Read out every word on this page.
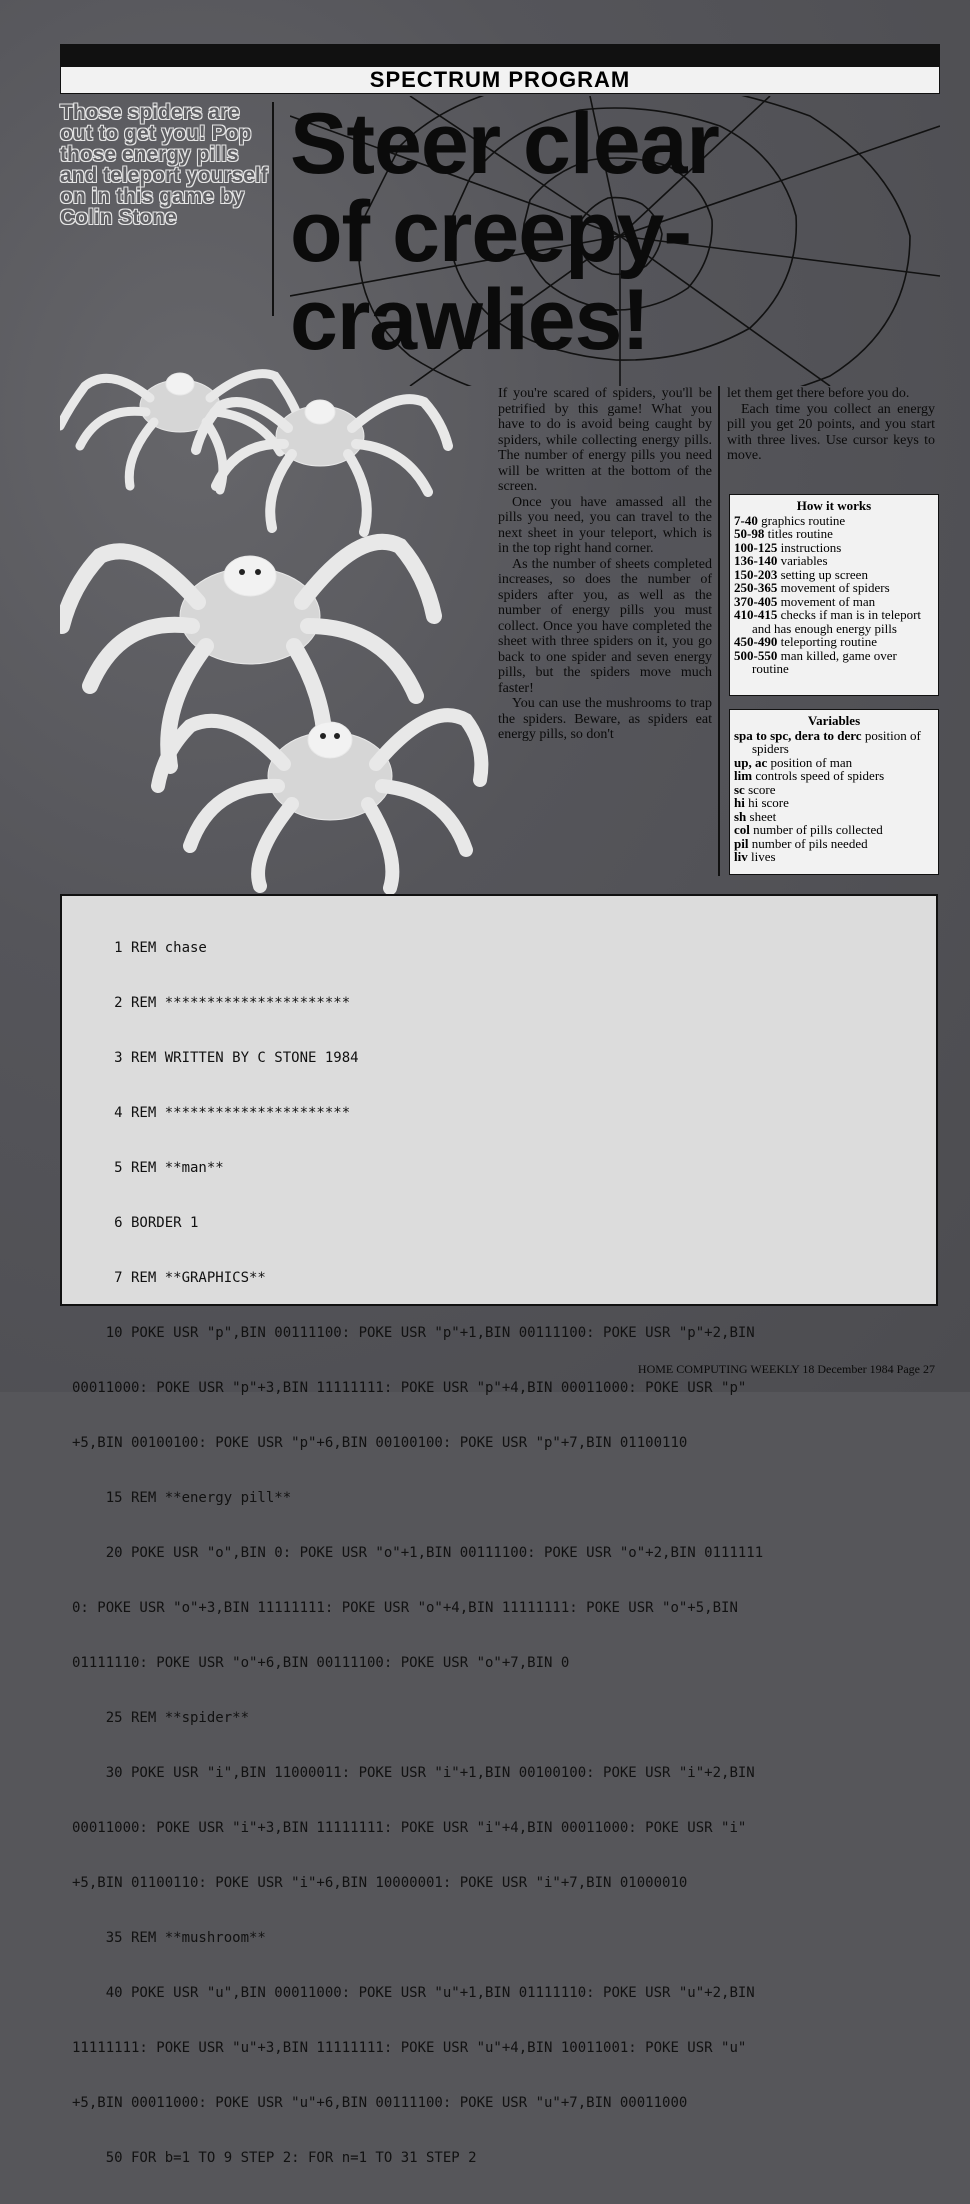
SPECTRUM PROGRAM
Those spiders are out to get you! Pop those energy pills and teleport yourself on in this game by Colin Stone
Steer clear
of creepy-
crawlies!

If you're scared of spiders, you'll be petrified by this game! What you have to do is avoid being caught by spiders, while collecting energy pills. The number of energy pills you need will be written at the bottom of the screen.

Once you have amassed all the pills you need, you can travel to the next sheet in your teleport, which is in the top right hand corner.

As the number of sheets completed increases, so does the number of spiders after you, as well as the number of energy pills you must collect. Once you have completed the sheet with three spiders on it, you go back to one spider and seven energy pills, but the spiders move much faster!

You can use the mushrooms to trap the spiders. Beware, as spiders eat energy pills, so don't

let them get there before you do.

Each time you collect an energy pill you get 20 points, and you start with three lives. Use cursor keys to move.

How it works
7-40 graphics routine
50-98 titles routine
100-125 instructions
136-140 variables
150-203 setting up screen
250-365 movement of spiders
370-405 movement of man
410-415 checks if man is in teleport and has enough energy pills
450-490 teleporting routine
500-550 man killed, game over routine
Variables
spa to spc, dera to derc position of spiders
up, ac position of man
lim controls speed of spiders
sc score
hi hi score
sh sheet
col number of pills collected
pil number of pils needed
liv lives

1 REM chase

2 REM **********************

3 REM WRITTEN BY C STONE 1984

4 REM **********************

5 REM **man**

6 BORDER 1

7 REM **GRAPHICS**

10 POKE USR "p",BIN 00111100: POKE USR "p"+1,BIN 00111100: POKE USR "p"+2,BIN

00011000: POKE USR "p"+3,BIN 11111111: POKE USR "p"+4,BIN 00011000: POKE USR "p"

+5,BIN 00100100: POKE USR "p"+6,BIN 00100100: POKE USR "p"+7,BIN 01100110

15 REM **energy pill**

20 POKE USR "o",BIN 0: POKE USR "o"+1,BIN 00111100: POKE USR "o"+2,BIN 0111111

0: POKE USR "o"+3,BIN 11111111: POKE USR "o"+4,BIN 11111111: POKE USR "o"+5,BIN

01111110: POKE USR "o"+6,BIN 00111100: POKE USR "o"+7,BIN 0

25 REM **spider**

30 POKE USR "i",BIN 11000011: POKE USR "i"+1,BIN 00100100: POKE USR "i"+2,BIN

00011000: POKE USR "i"+3,BIN 11111111: POKE USR "i"+4,BIN 00011000: POKE USR "i"

+5,BIN 01100110: POKE USR "i"+6,BIN 10000001: POKE USR "i"+7,BIN 01000010

35 REM **mushroom**

40 POKE USR "u",BIN 00011000: POKE USR "u"+1,BIN 01111110: POKE USR "u"+2,BIN

11111111: POKE USR "u"+3,BIN 11111111: POKE USR "u"+4,BIN 10011001: POKE USR "u"

+5,BIN 00011000: POKE USR "u"+6,BIN 00111100: POKE USR "u"+7,BIN 00011000

50 FOR b=1 TO 9 STEP 2: FOR n=1 TO 31 STEP 2

HOME COMPUTING WEEKLY 18 December 1984 Page 27
